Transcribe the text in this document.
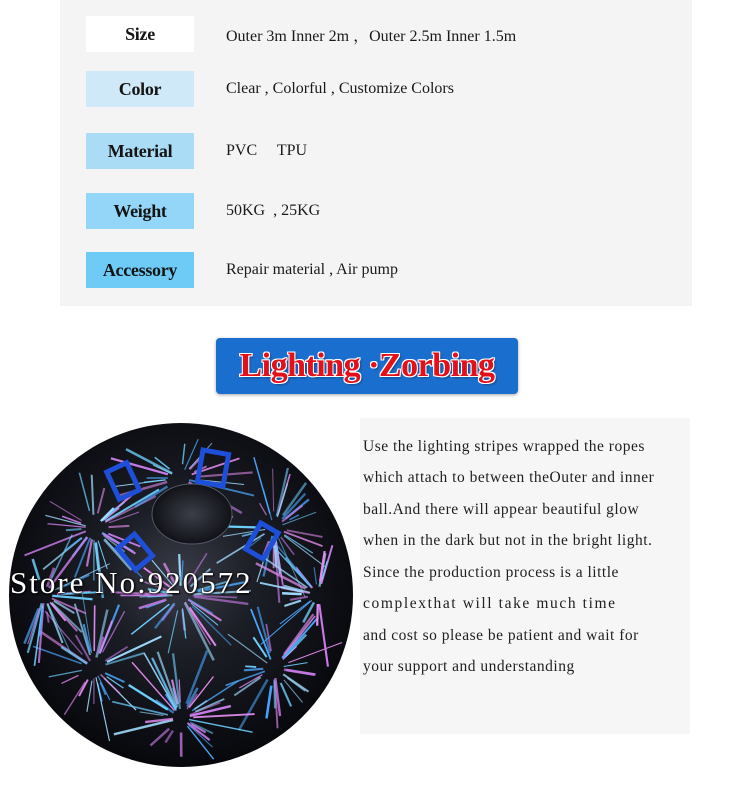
Size	Outer 3m Inner 2m ，Outer 2.5m Inner 1.5m
Color	Clear , Colorful , Customize Colors
Material	PVC     TPU
Weight	50KG  , 25KG
Accessory	Repair material , Air pump
Lighting ·Zorbing
Store No:920572
Use the lighting stripes wrapped the ropes
which attach to between theOuter and inner
ball.And there will appear beautiful glow
when in the dark but not in the bright light.
Since the production process is a little
complexthat will take much time
and cost so please be patient and wait for
your support and understanding
